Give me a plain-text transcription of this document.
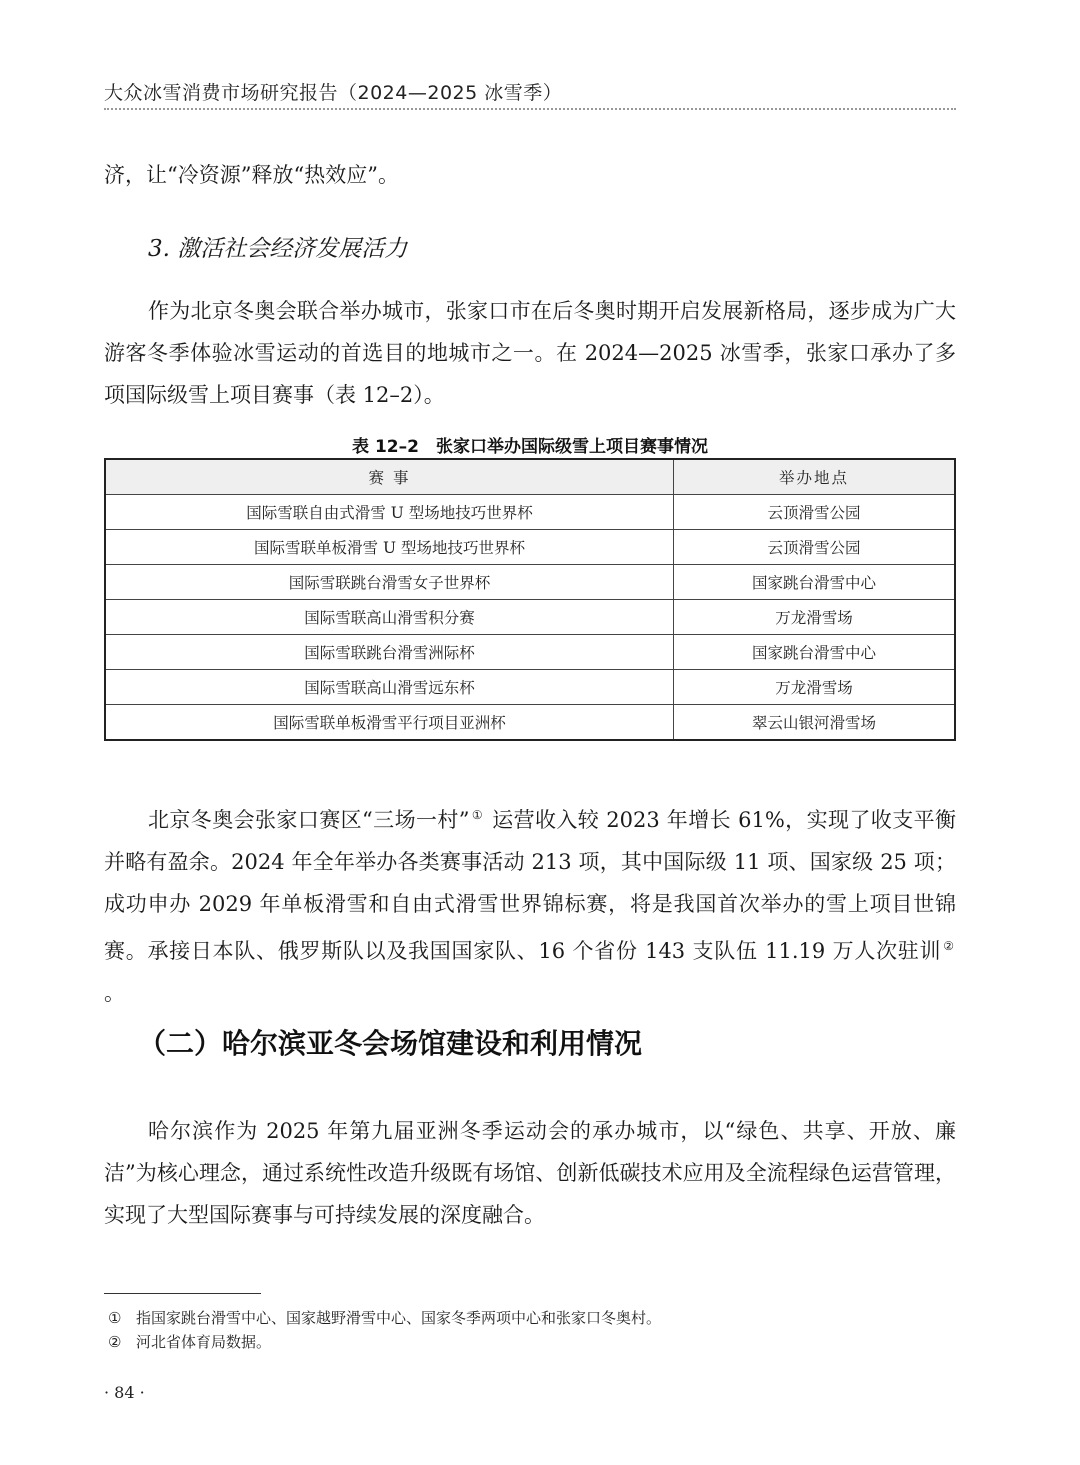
大众冰雪消费市场研究报告（2024—2025 冰雪季）

济，让“冷资源”释放“热效应”。

3. 激活社会经济发展活力

作为北京冬奥会联合举办城市，张家口市在后冬奥时期开启发展新格局，逐步成为广大游客冬季体验冰雪运动的首选目的地城市之一。在 2024—2025 冰雪季，张家口承办了多项国际级雪上项目赛事（表 12–2）。

表 12–2　张家口举办国际级雪上项目赛事情况
赛 事	举办地点
国际雪联自由式滑雪 U 型场地技巧世界杯	云顶滑雪公园
国际雪联单板滑雪 U 型场地技巧世界杯	云顶滑雪公园
国际雪联跳台滑雪女子世界杯	国家跳台滑雪中心
国际雪联高山滑雪积分赛	万龙滑雪场
国际雪联跳台滑雪洲际杯	国家跳台滑雪中心
国际雪联高山滑雪远东杯	万龙滑雪场
国际雪联单板滑雪平行项目亚洲杯	翠云山银河滑雪场

北京冬奥会张家口赛区“三场一村” ① 运营收入较 2023 年增长 61%，实现了收支平衡并略有盈余。2024 年全年举办各类赛事活动 213 项，其中国际级 11 项、国家级 25 项；成功申办 2029 年单板滑雪和自由式滑雪世界锦标赛，将是我国首次举办的雪上项目世锦赛。承接日本队、俄罗斯队以及我国国家队、16 个省份 143 支队伍 11.19 万人次驻训 ② 。

（二）哈尔滨亚冬会场馆建设和利用情况

哈尔滨作为 2025 年第九届亚洲冬季运动会的承办城市，以“绿色、共享、开放、廉洁”为核心理念，通过系统性改造升级既有场馆、创新低碳技术应用及全流程绿色运营管理，实现了大型国际赛事与可持续发展的深度融合。

① 指国家跳台滑雪中心、国家越野滑雪中心、国家冬季两项中心和张家口冬奥村。
② 河北省体育局数据。
· 84 ·
